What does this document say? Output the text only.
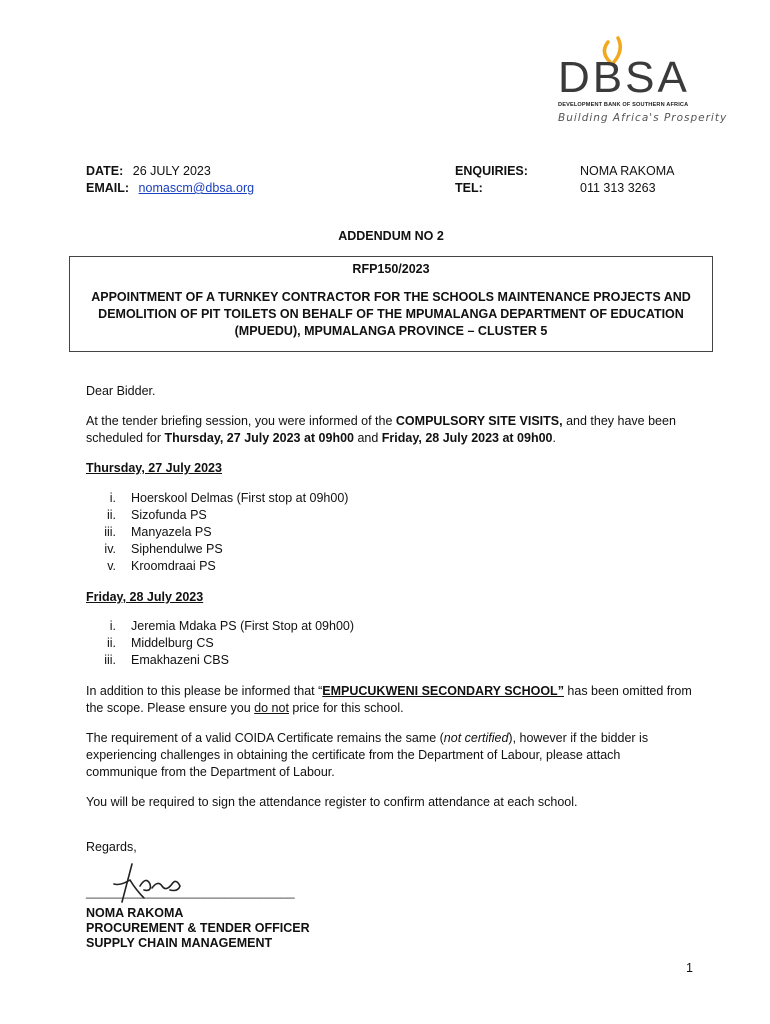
DBSA
DEVELOPMENT BANK OF SOUTHERN AFRICA
Building Africa's Prosperity
DATE: 26 JULY 2023
EMAIL: nomascm@dbsa.org
ENQUIRIES:	NOMA RAKOMA
TEL:	011 313 3263
ADDENDUM NO 2
RFP150/2023
APPOINTMENT OF A TURNKEY CONTRACTOR FOR THE SCHOOLS MAINTENANCE PROJECTS AND
DEMOLITION OF PIT TOILETS ON BEHALF OF THE MPUMALANGA DEPARTMENT OF EDUCATION
(MPUEDU), MPUMALANGA PROVINCE – CLUSTER 5
Dear Bidder.
At the tender briefing session, you were informed of the COMPULSORY SITE VISITS, and they have been
scheduled for Thursday, 27 July 2023 at 09h00 and Friday, 28 July 2023 at 09h00.
Thursday, 27 July 2023
i. Hoerskool Delmas (First stop at 09h00)
ii. Sizofunda PS
iii. Manyazela PS
iv. Siphendulwe PS
v. Kroomdraai PS
Friday, 28 July 2023
i. Jeremia Mdaka PS (First Stop at 09h00)
ii. Middelburg CS
iii. Emakhazeni CBS
In addition to this please be informed that “EMPUCUKWENI SECONDARY SCHOOL” has been omitted from
the scope. Please ensure you do not price for this school.
The requirement of a valid COIDA Certificate remains the same (not certified), however if the bidder is
experiencing challenges in obtaining the certificate from the Department of Labour, please attach
communique from the Department of Labour.
You will be required to sign the attendance register to confirm attendance at each school.
Regards,
______________________________
NOMA RAKOMA
PROCUREMENT & TENDER OFFICER
SUPPLY CHAIN MANAGEMENT
1
